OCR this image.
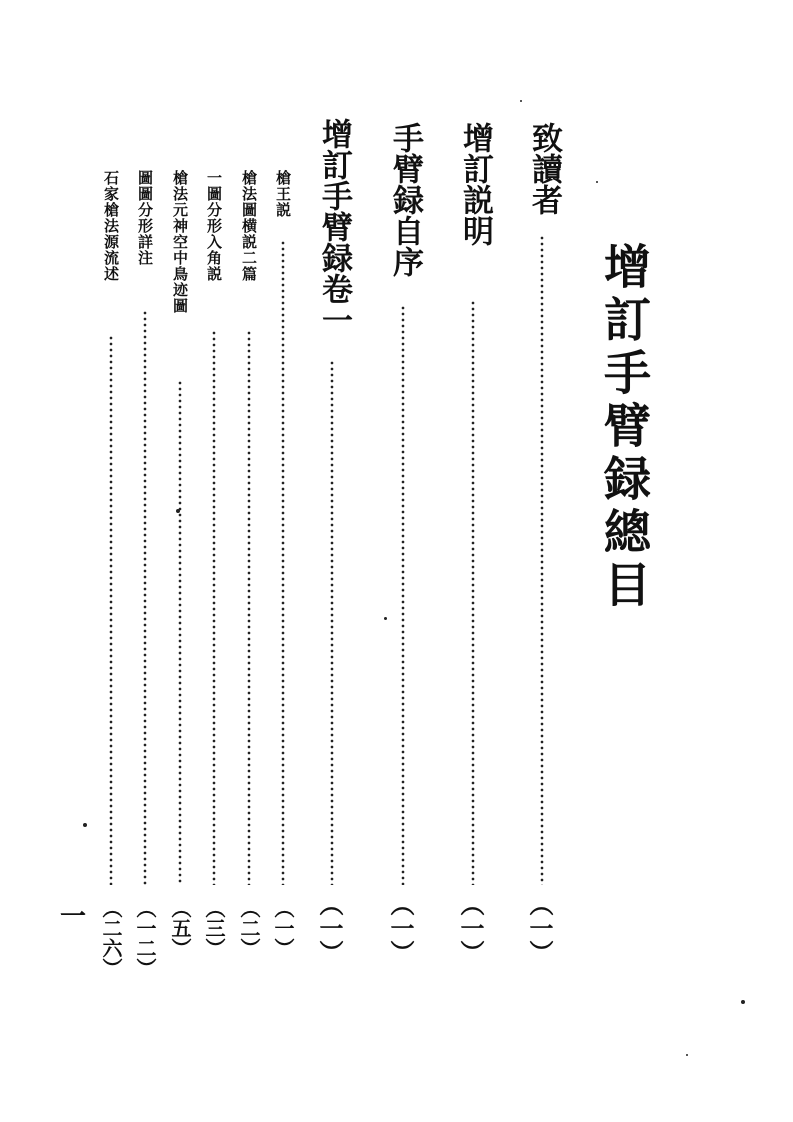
增訂手臂録總目
致讀者
︵一︶
增訂説明
︵一︶
手臂録自序
︵一︶
增訂手臂録卷一
︵一︶
槍王説
︵一︶
槍法圖横説二篇
︵二︶
一圖分形入角説
︵三︶
槍法元神空中鳥迹圖
︵五︶
圖圖分形詳注
︵一二︶
石家槍法源流述
︵二六︶
一
